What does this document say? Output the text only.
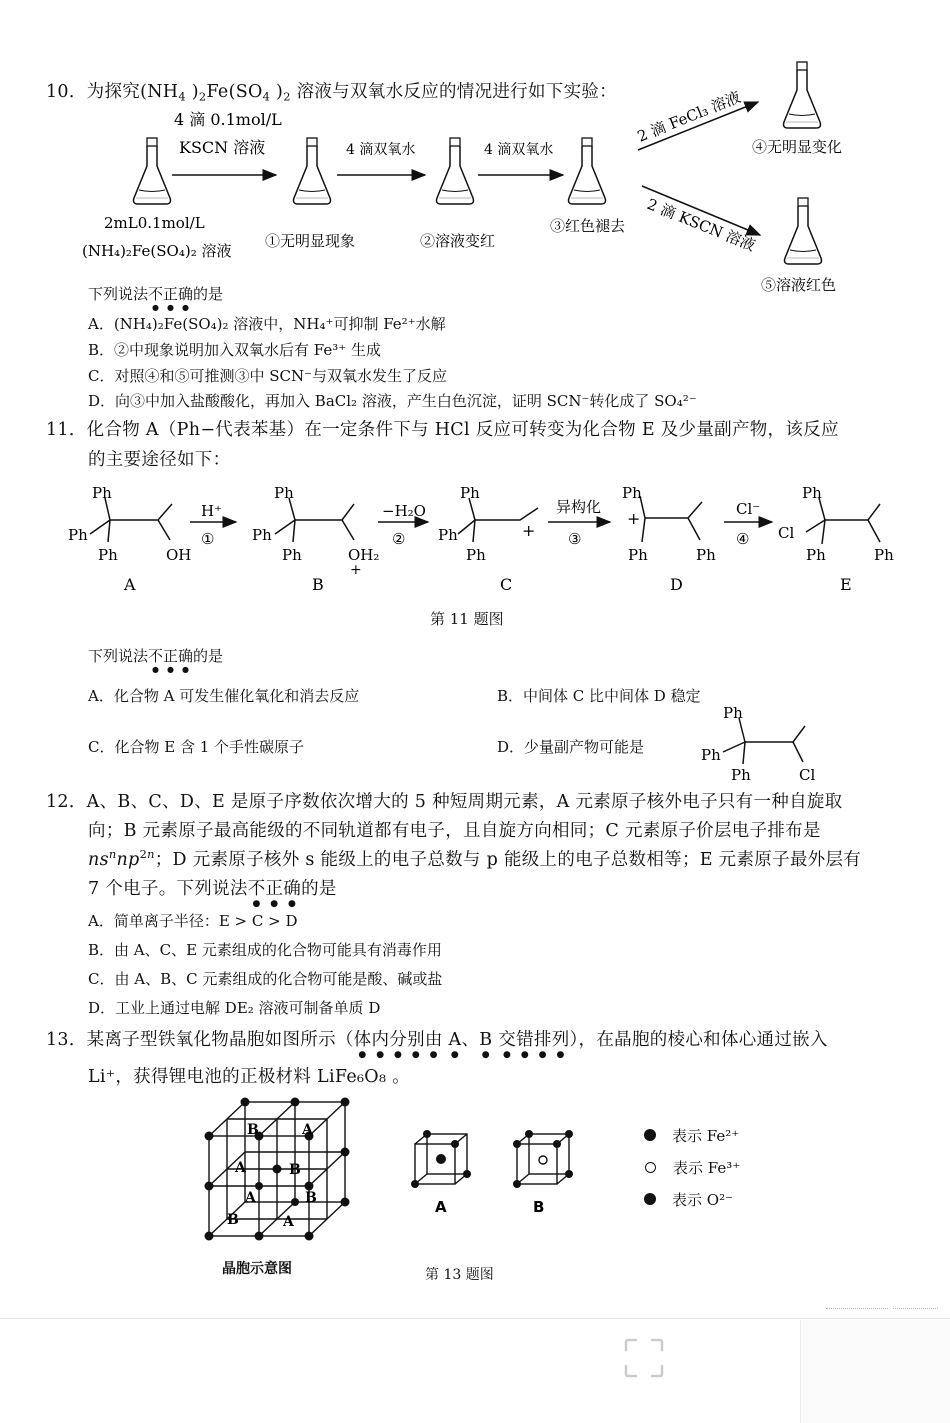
10．为探究($NH_4$ )$_2Fe(SO_4$ )$_2$ 溶液与双氧水反应的情况进行如下实验：
4 滴 0.1mol/L
KSCN 溶液
2mL0.1mol/L
(NH₄)₂Fe(SO₄)₂ 溶液
①无明显现象
4 滴双氧水
②溶液变红
4 滴双氧水
③红色褪去
2 滴 FeCl₃ 溶液
2 滴 KSCN 溶液
④无明显变化
⑤溶液红色
下列说法不正确的是
A．(NH₄)₂Fe(SO₄)₂ 溶液中，NH₄⁺可抑制 Fe²⁺水解
B．②中现象说明加入双氧水后有 Fe³⁺ 生成
C．对照④和⑤可推测③中 SCN⁻与双氧水发生了反应
D．向③中加入盐酸酸化，再加入 BaCl₂ 溶液，产生白色沉淀，证明 SCN⁻转化成了 SO₄²⁻
11．化合物 A（Ph−代表苯基）在一定条件下与 HCl 反应可转变为化合物 E 及少量副产物，该反应
的主要途径如下：
Ph
Ph
Ph	OH
A
H⁺
①
Ph
Ph
Ph	OH₂
+
B
−H₂O
②
Ph
Ph
Ph
+
C
异构化
③
Ph
+
Ph	Ph
D
Cl⁻
④
Ph
Cl
Ph	Ph
E
第 11 题图
下列说法不正确的是
A．化合物 A 可发生催化氧化和消去反应	B．中间体 C 比中间体 D 稳定
C．化合物 E 含 1 个手性碳原子	D．少量副产物可能是
Ph
Ph
Ph	Cl
12．A、B、C、D、E 是原子序数依次增大的 5 种短周期元素，A 元素原子核外电子只有一种自旋取
向；B 元素原子最高能级的不同轨道都有电子，且自旋方向相同；C 元素原子价层电子排布是
$ns^nnp^{2n}$；D 元素原子核外 s 能级上的电子总数与 p 能级上的电子总数相等；E 元素原子最外层有
7 个电子。下列说法不正确的是
A．简单离子半径：E > C > D
B．由 A、C、E 元素组成的化合物可能具有消毒作用
C．由 A、B、C 元素组成的化合物可能是酸、碱或盐
D．工业上通过电解 DE₂ 溶液可制备单质 D
13．某离子型铁氧化物晶胞如图所示（体内分别由 A、B 交错排列），在晶胞的棱心和体心通过嵌入
Li⁺，获得锂电池的正极材料 LiFe₆O₈ 。
B	A
A	B
B
A
B	A
A	B
表示 Fe²⁺
表示 Fe³⁺
表示 O²⁻
晶胞示意图	第 13 题图
